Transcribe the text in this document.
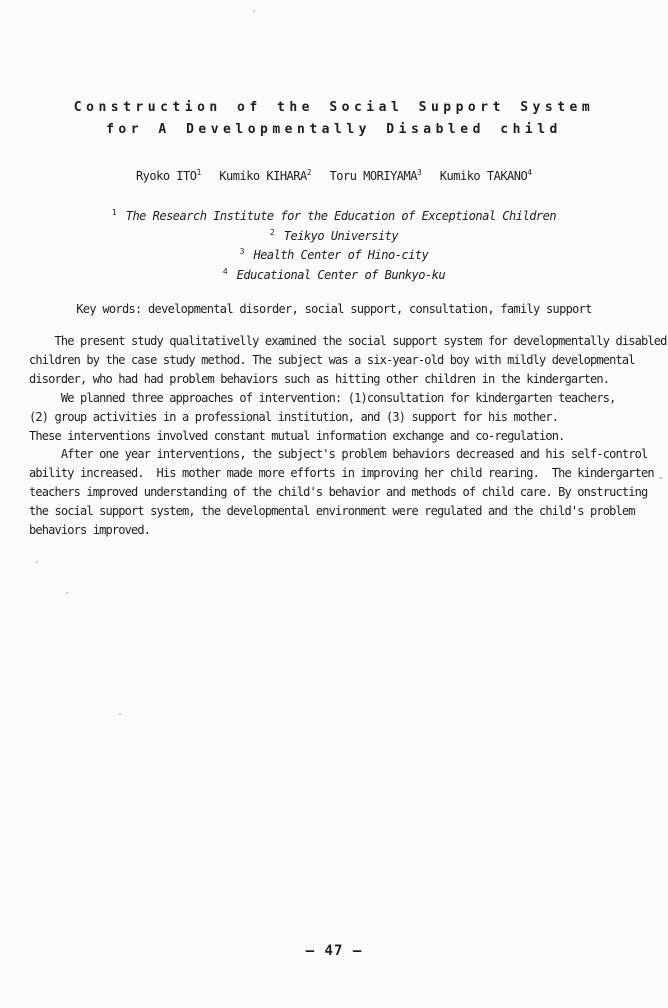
Construction of the Social Support System
for A Developmentally Disabled child
Ryoko ITO$^1$ Kumiko KIHARA$^2$ Toru MORIYAMA$^3$ Kumiko TAKANO$^4$
$^1$ The Research Institute for the Education of Exceptional Children
$^2$ Teikyo University
$^3$ Health Center of Hino-city
$^4$ Educational Center of Bunkyo-ku
Key words: developmental disorder, social support, consultation, family support
The present study qualitativelly examined the social support system for developmentally disabled
children by the case study method. The subject was a six-year-old boy with mildly developmental
disorder, who had had problem behaviors such as hitting other children in the kindergarten.
We planned three approaches of intervention: (1)consultation for kindergarten teachers,
(2) group activities in a professional institution, and (3) support for his mother.
These interventions involved constant mutual information exchange and co-regulation.
After one year interventions, the subject's problem behaviors decreased and his self-control
ability increased.  His mother made more efforts in improving her child rearing.  The kindergarten
teachers improved understanding of the child's behavior and methods of child care. By onstructing
the social support system, the developmental environment were regulated and the child's problem
behaviors improved.
– 47 –
